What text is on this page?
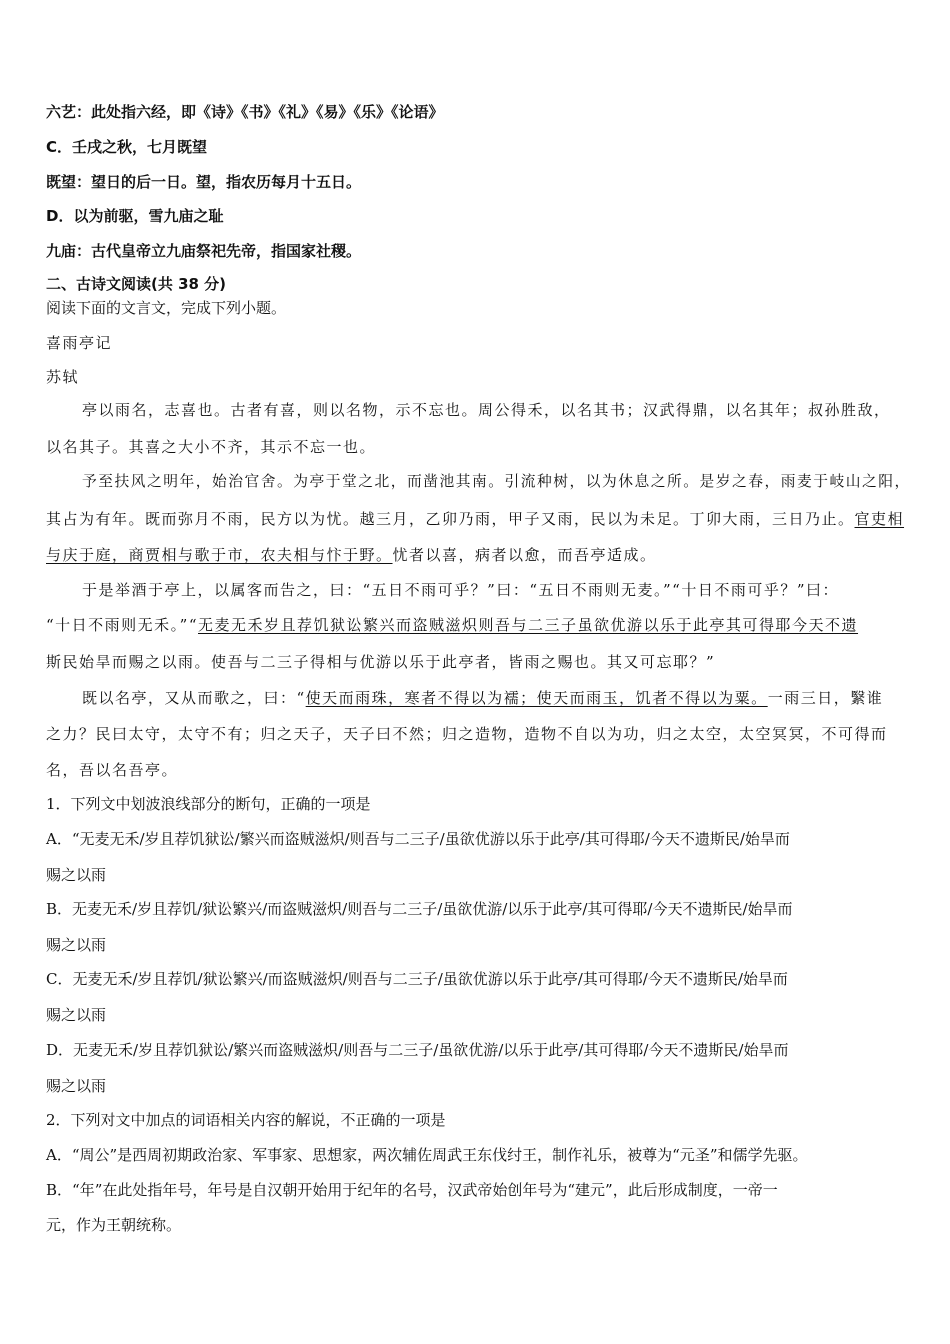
六艺：此处指六经，即《诗》《书》《礼》《易》《乐》《论语》
C．壬戌之秋，七月既望
既望：望日的后一日。望，指农历每月十五日。
D．以为前驱，雪九庙之耻
九庙：古代皇帝立九庙祭祀先帝，指国家社稷。
二、古诗文阅读(共 38 分)
阅读下面的文言文，完成下列小题。
喜雨亭记
苏轼
亭以雨名，志喜也。古者有喜，则以名物，示不忘也。周公得禾，以名其书；汉武得鼎，以名其年；叔孙胜敌，
以名其子。其喜之大小不齐，其示不忘一也。
予至扶风之明年，始治官舍。为亭于堂之北，而凿池其南。引流种树，以为休息之所。是岁之春，雨麦于岐山之阳，
其占为有年。既而弥月不雨，民方以为忧。越三月，乙卯乃雨，甲子又雨，民以为未足。丁卯大雨，三日乃止。官吏相
与庆于庭，商贾相与歌于市，农夫相与忭于野。忧者以喜，病者以愈，而吾亭适成。
于是举酒于亭上，以属客而告之，曰：“五日不雨可乎？”曰：“五日不雨则无麦。”“十日不雨可乎？”曰：
“十日不雨则无禾。”“无麦无禾岁且荐饥狱讼繁兴而盗贼滋炽则吾与二三子虽欲优游以乐于此亭其可得耶今天不遗
斯民始旱而赐之以雨。使吾与二三子得相与优游以乐于此亭者，皆雨之赐也。其又可忘耶？”
既以名亭，又从而歌之，曰：“使天而雨珠，寒者不得以为襦；使天而雨玉，饥者不得以为粟。一雨三日，繄谁
之力？民曰太守，太守不有；归之天子，天子曰不然；归之造物，造物不自以为功，归之太空，太空冥冥，不可得而
名，吾以名吾亭。
1．下列文中划波浪线部分的断句，正确的一项是
A．“无麦无禾/岁且荐饥狱讼/繁兴而盗贼滋炽/则吾与二三子/虽欲优游以乐于此亭/其可得耶/今天不遗斯民/始旱而
赐之以雨
B．无麦无禾/岁且荐饥/狱讼繁兴/而盗贼滋炽/则吾与二三子/虽欲优游/以乐于此亭/其可得耶/今天不遗斯民/始旱而
赐之以雨
C．无麦无禾/岁且荐饥/狱讼繁兴/而盗贼滋炽/则吾与二三子/虽欲优游以乐于此亭/其可得耶/今天不遗斯民/始旱而
赐之以雨
D．无麦无禾/岁且荐饥狱讼/繁兴而盗贼滋炽/则吾与二三子/虽欲优游/以乐于此亭/其可得耶/今天不遗斯民/始旱而
赐之以雨
2．下列对文中加点的词语相关内容的解说，不正确的一项是
A．“周公”是西周初期政治家、军事家、思想家，两次辅佐周武王东伐纣王，制作礼乐，被尊为“元圣”和儒学先驱。
B．“年”在此处指年号，年号是自汉朝开始用于纪年的名号，汉武帝始创年号为“建元”，此后形成制度，一帝一
元，作为王朝统称。
